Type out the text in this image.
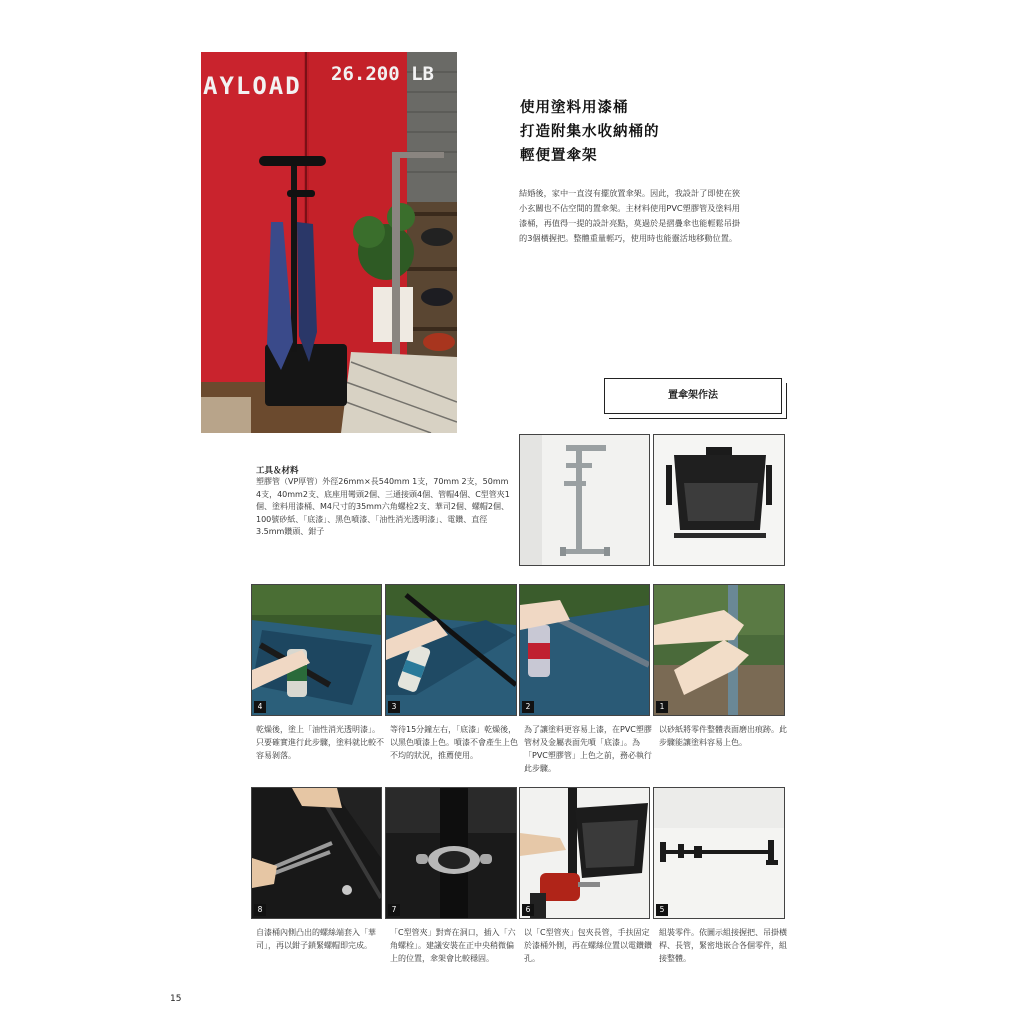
AYLOAD 26.200 LB
使用塗料用漆桶
打造附集水收納桶的
輕便置傘架
結婚後，家中一直沒有擺放置傘架。因此，我設計了即使在狹小玄關也不佔空間的置傘架。主材料使用PVC塑膠管及塗料用漆桶，再值得一提的設計亮點，莫過於是摺疊傘也能輕鬆吊掛的3個橫握把。整體重量輕巧，使用時也能靈活地移動位置。
置傘架作法
工具＆材料
塑膠管（VP厚管）外徑26mm×長540mm 1支，70mm 2支，50mm 4支，40mm2支、底座用彎頭2個、三通接頭4個、管帽4個、C型管夾1個、塗料用漆桶、M4尺寸的35mm六角螺栓2支、華司2個、螺帽2個、100號砂紙、「底漆」、黑色噴漆、「油性消光透明漆」、電鑽、直徑3.5mm鑽頭、鉗子
4	3	2	1
乾燥後，塗上「油性消光透明漆」。只要確實進行此步驟，塗料就比較不容易剝落。
等待15分鐘左右，「底漆」乾燥後，以黑色噴漆上色。噴漆不會產生上色不均的狀況，推薦使用。
為了讓塗料更容易上漆，在PVC塑膠管材及金屬表面先噴「底漆」。為「PVC塑膠管」上色之前，務必執行此步驟。
以砂紙將零件整體表面磨出痕跡。此步驟能讓塗料容易上色。
8	7	6	5
自漆桶內側凸出的螺絲端套入「華司」，再以鉗子鎖緊螺帽即完成。
「C型管夾」對齊在洞口，插入「六角螺栓」。建議安裝在正中央稍微偏上的位置，傘架會比較穩固。
以「C型管夾」包夾長管，手扶固定於漆桶外側，再在螺絲位置以電鑽鑽孔。
組裝零件。依圖示組接握把、吊掛橫桿、長管，緊密地嵌合各個零件，組接整體。
15
